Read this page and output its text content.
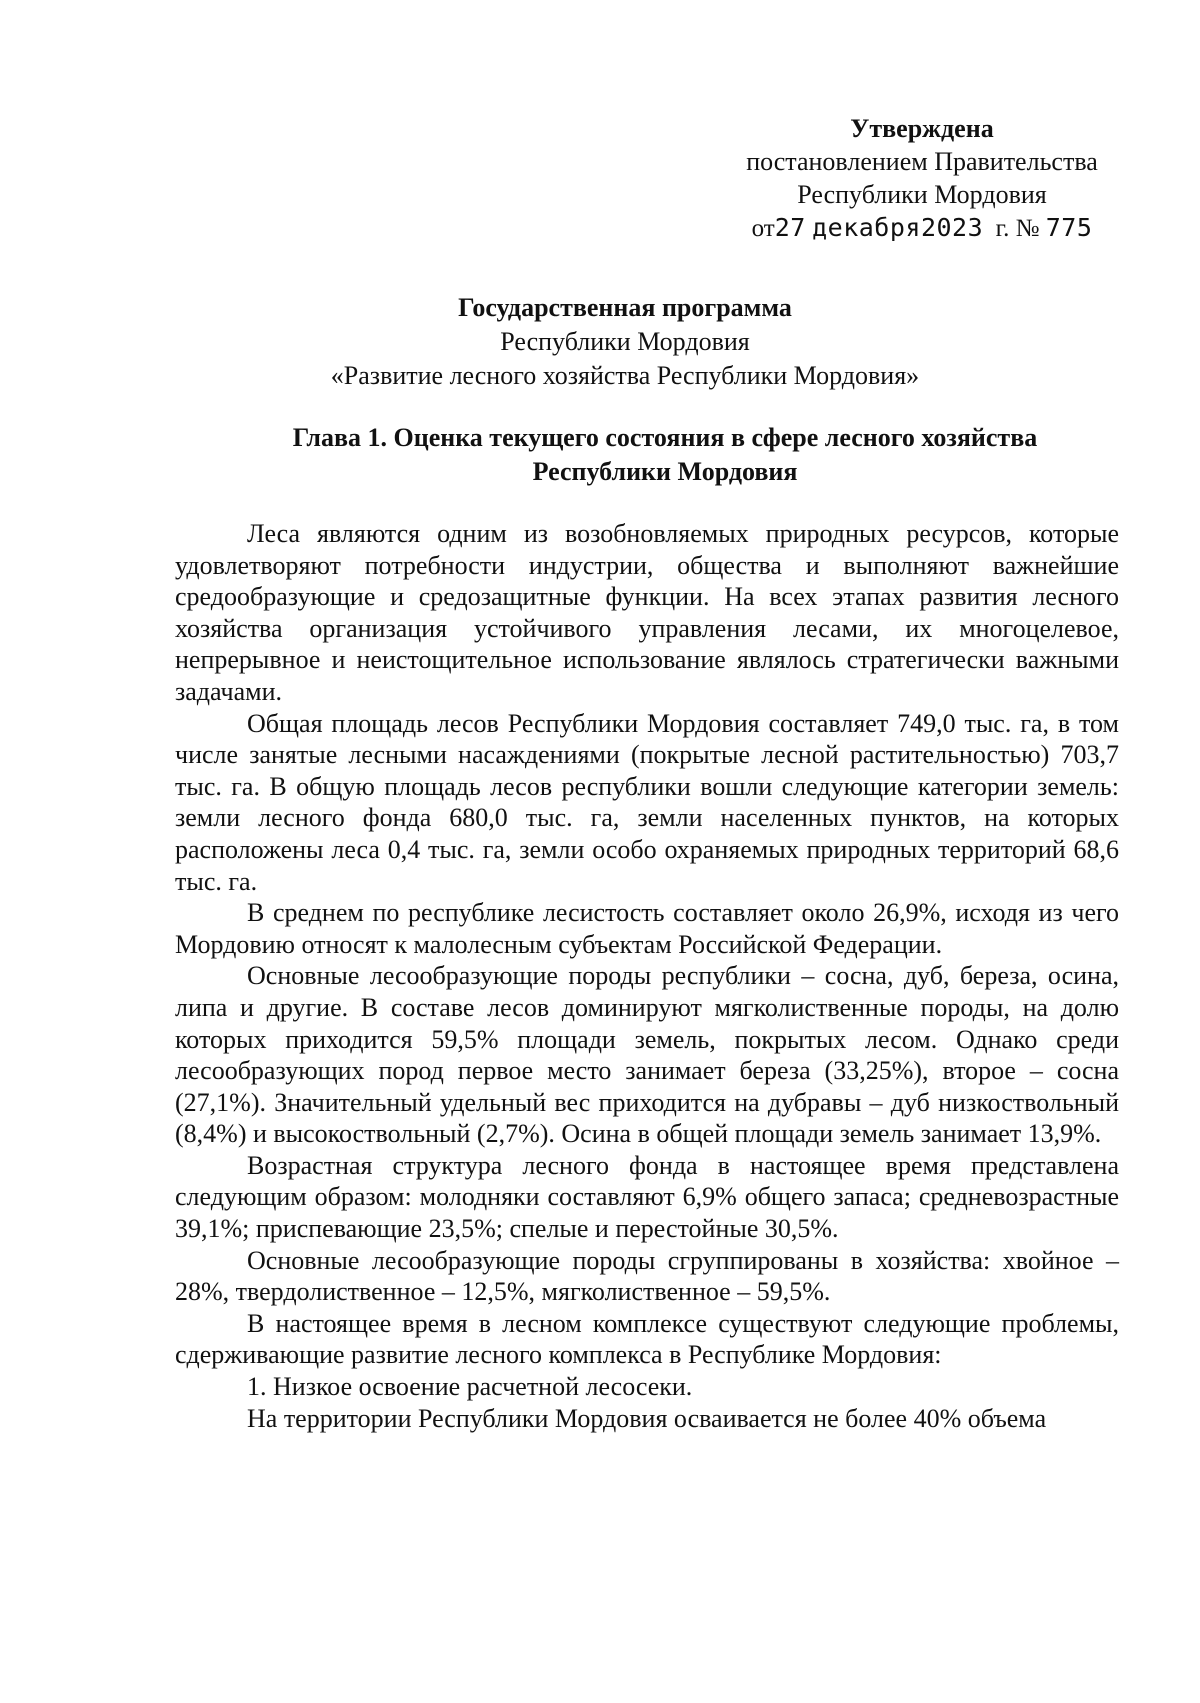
Утверждена
постановлением Правительства
Республики Мордовия
от27 декабря2023 г. № 775
Государственная программа
Республики Мордовия
«Развитие лесного хозяйства Республики Мордовия»
Глава 1. Оценка текущего состояния в сфере лесного хозяйства
Республики Мордовия

Леса являются одним из возобновляемых природных ресурсов, которые удовлетворяют потребности индустрии, общества и выполняют важнейшие средообразующие и средозащитные функции. На всех этапах развития лесного хозяйства организация устойчивого управления лесами, их многоцелевое, непрерывное и неистощительное использование являлось стратегически важными задачами.

Общая площадь лесов Республики Мордовия составляет 749,0 тыс. га, в том числе занятые лесными насаждениями (покрытые лесной растительностью) 703,7 тыс. га. В общую площадь лесов республики вошли следующие категории земель: земли лесного фонда 680,0 тыс. га, земли населенных пунктов, на которых расположены леса 0,4 тыс. га, земли особо охраняемых природных территорий 68,6 тыс. га.

В среднем по республике лесистость составляет около 26,9%, исходя из чего Мордовию относят к малолесным субъектам Российской Федерации.

Основные лесообразующие породы республики – сосна, дуб, береза, осина, липа и другие. В составе лесов доминируют мягколиственные породы, на долю которых приходится 59,5% площади земель, покрытых лесом. Однако среди лесообразующих пород первое место занимает береза (33,25%), второе – сосна (27,1%). Значительный удельный вес приходится на дубравы – дуб низкоствольный (8,4%) и высокоствольный (2,7%). Осина в общей площади земель занимает 13,9%.

Возрастная структура лесного фонда в настоящее время представлена следующим образом: молодняки составляют 6,9% общего запаса; средневозрастные 39,1%; приспевающие 23,5%; спелые и перестойные 30,5%.

Основные лесообразующие породы сгруппированы в хозяйства: хвойное – 28%, твердолиственное – 12,5%, мягколиственное – 59,5%.

В настоящее время в лесном комплексе существуют следующие проблемы, сдерживающие развитие лесного комплекса в Республике Мордовия:

1. Низкое освоение расчетной лесосеки.

На территории Республики Мордовия осваивается не более 40% объема
